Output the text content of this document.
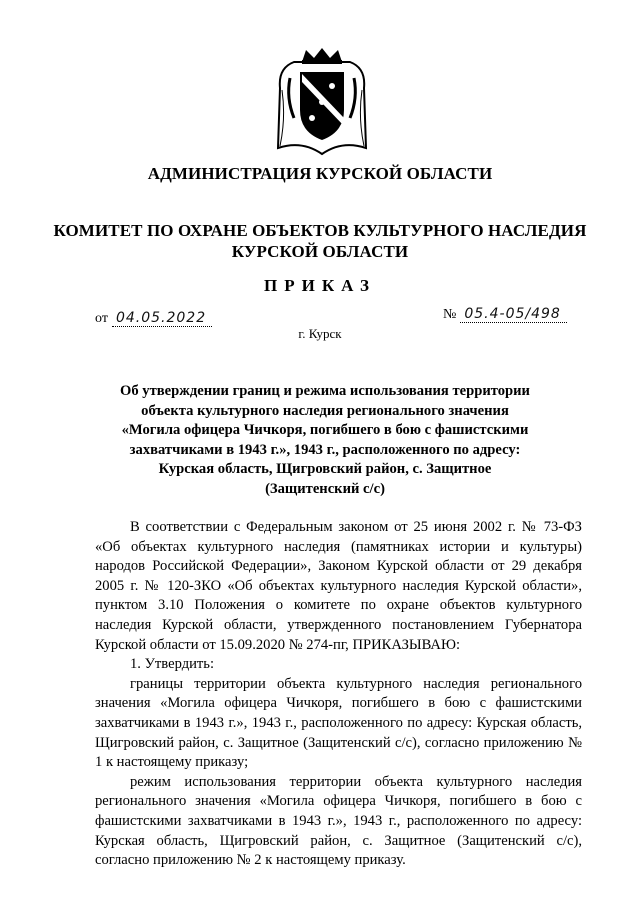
АДМИНИСТРАЦИЯ КУРСКОЙ ОБЛАСТИ
КОМИТЕТ ПО ОХРАНЕ ОБЪЕКТОВ КУЛЬТУРНОГО НАСЛЕДИЯ
КУРСКОЙ ОБЛАСТИ
ПРИКАЗ
от 04.05.2022	№ 05.4-05/498
г. Курск
Об утверждении границ и режима использования территории объекта культурного наследия регионального значения «Могила офицера Чичкоря, погибшего в бою с фашистскими захватчиками в 1943 г.», 1943 г., расположенного по адресу: Курская область, Щигровский район, с. Защитное (Защитенский с/с)

В соответствии с Федеральным законом от 25 июня 2002 г. № 73-ФЗ «Об объектах культурного наследия (памятниках истории и культуры) народов Российской Федерации», Законом Курской области от 29 декабря 2005 г. № 120-ЗКО «Об объектах культурного наследия Курской области», пунктом 3.10 Положения о комитете по охране объектов культурного наследия Курской области, утвержденного постановлением Губернатора Курской области от 15.09.2020 № 274-пг, ПРИКАЗЫВАЮ:

1. Утвердить:

границы территории объекта культурного наследия регионального значения «Могила офицера Чичкоря, погибшего в бою с фашистскими захватчиками в 1943 г.», 1943 г., расположенного по адресу: Курская область, Щигровский район, с. Защитное (Защитенский с/с), согласно приложению № 1 к настоящему приказу;

режим использования территории объекта культурного наследия регионального значения «Могила офицера Чичкоря, погибшего в бою с фашистскими захватчиками в 1943 г.», 1943 г., расположенного по адресу: Курская область, Щигровский район, с. Защитное (Защитенский с/с), согласно приложению № 2 к настоящему приказу.
